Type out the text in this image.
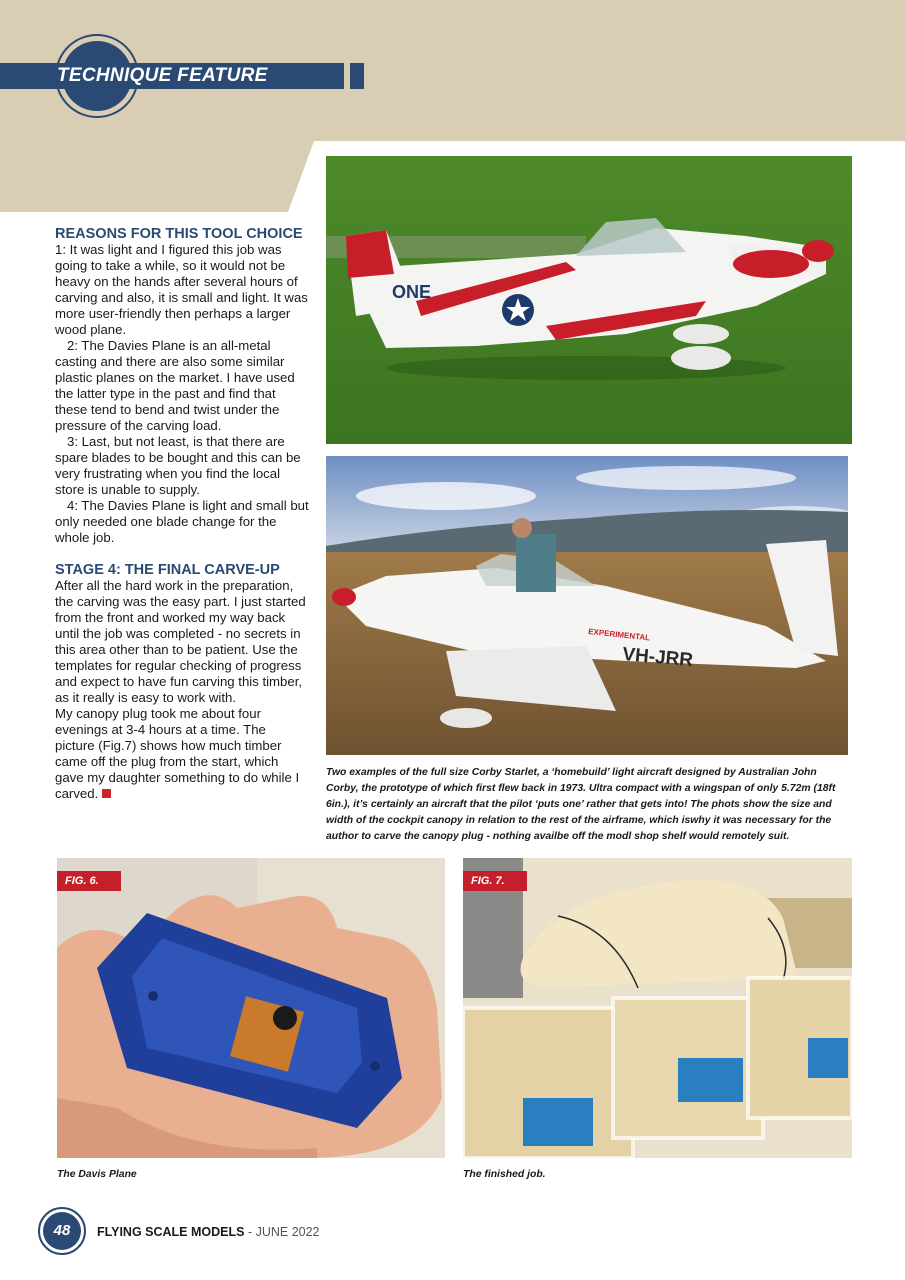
TECHNIQUE FEATURE
REASONS FOR THIS TOOL CHOICE

1: It was light and I figured this job was going to take a while, so it would not be heavy on the hands after several hours of carving and also, it is small and light. It was more user-friendly then perhaps a larger wood plane.

2: The Davies Plane is an all-metal casting and there are also some similar plastic planes on the market. I have used the latter type in the past and find that these tend to bend and twist under the pressure of the carving load.

3: Last, but not least, is that there are spare blades to be bought and this can be very frustrating when you find the local store is unable to supply.

4: The Davies Plane is light and small but only needed one blade change for the whole job.

STAGE 4: THE FINAL CARVE-UP

After all the hard work in the preparation, the carving was the easy part. I just started from the front and worked my way back until the job was completed - no secrets in this area other than to be patient. Use the templates for regular checking of progress and expect to have fun carving this timber, as it really is easy to work with.

My canopy plug took me about four evenings at 3-4 hours at a time. The picture (Fig.7) shows how much timber came off the plug from the start, which gave my daughter something to do while I carved.

ONE
VH-JRR
EXPERIMENTAL
Two examples of the full size Corby Starlet, a ‘homebuild’ light aircraft designed by Australian John Corby, the prototype of which first flew back in 1973. Ultra compact with a wingspan of only 5.72m (18ft 6in.), it’s certainly an aircraft that the pilot ‘puts one’ rather that gets into! The phots show the size and width of the cockpit canopy in relation to the rest of the airframe, which iswhy it was necessary for the author to carve the canopy plug - nothing availbe off the modl shop shelf would remotely suit.
FIG. 6.	FIG. 7.
The Davis Plane	The finished job.
48	FLYING SCALE MODELS - JUNE 2022
